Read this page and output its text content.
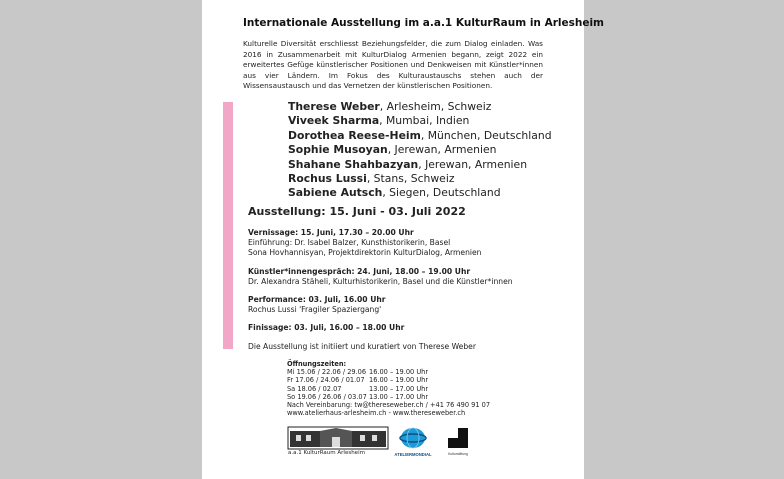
Internationale Ausstellung im a.a.1 KulturRaum in Arlesheim
Kulturelle Diversität erschliesst Beziehungsfelder, die zum Dialog einladen. Was 2016 in Zusammenarbeit mit KulturDialog Armenien begann, zeigt 2022 ein erweitertes Gefüge künstlerischer Positionen und Denkweisen mit Künstler*innen aus vier Ländern. Im Fokus des Kulturaustauschs stehen auch der Wissensaustausch und das Vernetzen der künstlerischen Positionen.
Therese Weber, Arlesheim, Schweiz
Viveek Sharma, Mumbai, Indien
Dorothea Reese-Heim, München, Deutschland
Sophie Musoyan, Jerewan, Armenien
Shahane Shahbazyan, Jerewan, Armenien
Rochus Lussi, Stans, Schweiz
Sabiene Autsch, Siegen, Deutschland
Ausstellung: 15. Juni - 03. Juli 2022
Vernissage: 15. Juni, 17.30 – 20.00 Uhr
Einführung: Dr. Isabel Balzer, Kunsthistorikerin, Basel
Sona Hovhannisyan, Projektdirektorin KulturDialog, Armenien
Künstler*innengespräch: 24. Juni, 18.00 – 19.00 Uhr
Dr. Alexandra Stäheli, Kulturhistorikerin, Basel und die Künstler*innen
Performance: 03. Juli, 16.00 Uhr
Rochus Lussi 'Fragiler Spaziergang'
Finissage: 03. Juli, 16.00 – 18.00 Uhr
Die Ausstellung ist initiiert und kuratiert von Therese Weber
Öffnungszeiten:
Mi 15.06 / 22.06 / 29.06 16.00 – 19.00 Uhr
Fr 17.06 / 24.06 / 01.07 16.00 – 19.00 Uhr
Sa 18.06 / 02.07	13.00 – 17.00 Uhr
So 19.06 / 26.06 / 03.07 13.00 – 17.00 Uhr
Nach Vereinbarung: tw@thereseweber.ch / +41 76 490 91 07
www.atelierhaus-arlesheim.ch - www.thereseweber.ch
a.a.1 KulturRaum Arlesheim	ATELIERMONDIAL	Kulturstiftung
